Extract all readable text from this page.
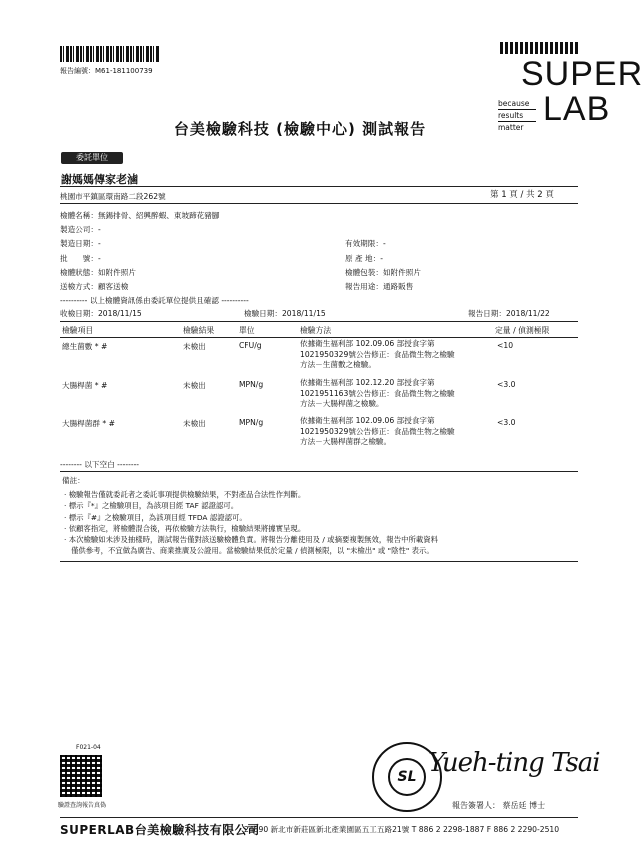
報告編號：M61-181100739	SUPER
LAB
because
results
matter
台美檢驗科技 (檢驗中心) 測試報告
委託單位
謝媽媽傳家老滷
桃園市平鎮區環南路二段262號	第 1 頁 / 共 2 頁
檢體名稱：無錫排骨、紹興醉蝦、東坡蹄花豬腳
製造公司：-
製造日期：-	有效期限：-
批　　號：-	原 產 地：-
檢體狀態：如附件照片	檢體包裝：如附件照片
送檢方式：顧客送檢	報告用途：通路販售
---------- 以上檢體資訊係由委託單位提供且確認 ----------
收檢日期：2018/11/15	檢驗日期：2018/11/15	報告日期：2018/11/22
檢驗項目	檢驗結果	單位	檢驗方法	定量 / 偵測極限
總生菌數 * #	未檢出	CFU/g	依據衛生福利部 102.09.06 部授食字第
1021950329號公告修正：食品微生物之檢驗
方法－生菌數之檢驗。
<10
大腸桿菌 * #	未檢出	MPN/g	依據衛生福利部 102.12.20 部授食字第
1021951163號公告修正：食品微生物之檢驗
方法－大腸桿菌之檢驗。
<3.0
大腸桿菌群 * #	未檢出	MPN/g	依據衛生福利部 102.09.06 部授食字第
1021950329號公告修正：食品微生物之檢驗
方法－大腸桿菌群之檢驗。
<3.0
-------- 以下空白 --------
備註：
· 檢驗報告僅就委託者之委託事項提供檢驗結果，不對產品合法性作判斷。
· 標示『*』之檢驗項目，為該項目經 TAF 認證認可。
· 標示『#』之檢驗項目，為該項目經 TFDA 認證認可。
· 依顧客指定，將檢體混合後，再依檢驗方法執行，檢驗結果將據實呈現。
· 本次檢驗如未涉及抽樣時，測試報告僅對該送驗檢體負責。將報告分離使用及 / 或摘要複製無效，報告中所載資料
僅供參考，不宜做為廣告、商業推廣及公證用。當檢驗結果低於定量 / 偵測極限，以 "未檢出" 或 "陰性" 表示。
F021-04
驗證查詢報告真偽
SL Yueh-ting Tsai
報告簽署人： 蔡岳廷 博士
SUPERLAB台美檢驗科技有限公司
24890 新北市新莊區新北產業園區五工五路21號 T 886 2 2298-1887 F 886 2 2290-2510
